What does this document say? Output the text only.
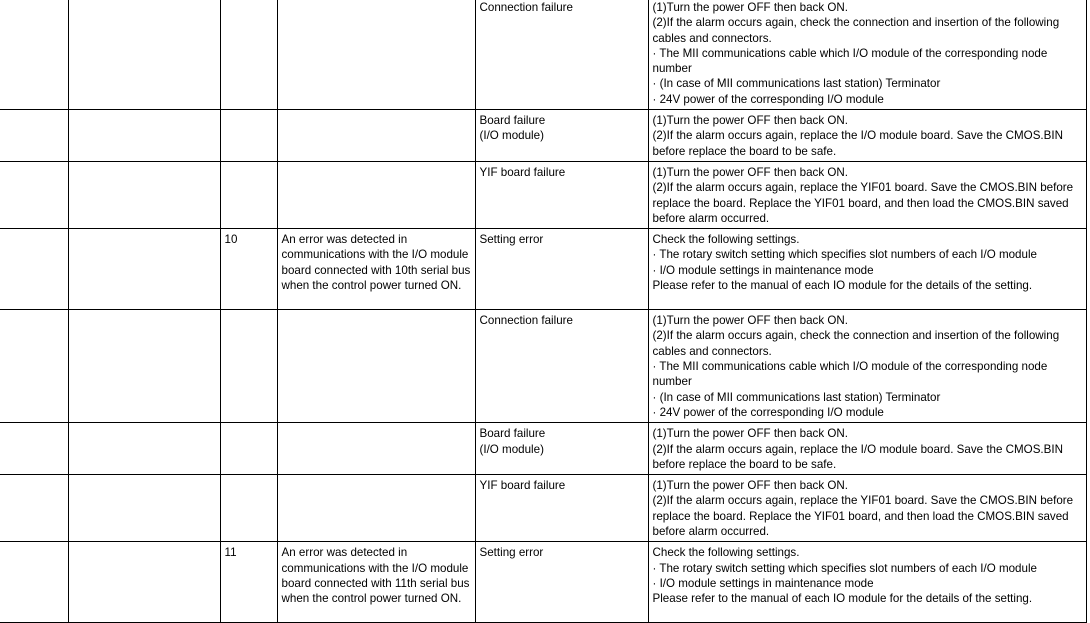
				Connection failure	(1)Turn the power OFF then back ON.
(2)If the alarm occurs again, check the connection and insertion of the following cables and connectors.
· The MII communications cable which I/O module of the corresponding node number
· (In case of MII communications last station) Terminator
· 24V power of the corresponding I/O module
				Board failure
(I/O module)	(1)Turn the power OFF then back ON.
(2)If the alarm occurs again, replace the I/O module board. Save the CMOS.BIN before replace the board to be safe.
				YIF board failure	(1)Turn the power OFF then back ON.
(2)If the alarm occurs again, replace the YIF01 board. Save the CMOS.BIN before replace the board. Replace the YIF01 board, and then load the CMOS.BIN saved before alarm occurred.
		10	An error was detected in communications with the I/O module board connected with 10th serial bus when the control power turned ON.	Setting error	Check the following settings.
· The rotary switch setting which specifies slot numbers of each I/O module
· I/O module settings in maintenance mode
Please refer to the manual of each IO module for the details of the setting.
				Connection failure	(1)Turn the power OFF then back ON.
(2)If the alarm occurs again, check the connection and insertion of the following cables and connectors.
· The MII communications cable which I/O module of the corresponding node number
· (In case of MII communications last station) Terminator
· 24V power of the corresponding I/O module
				Board failure
(I/O module)	(1)Turn the power OFF then back ON.
(2)If the alarm occurs again, replace the I/O module board. Save the CMOS.BIN before replace the board to be safe.
				YIF board failure	(1)Turn the power OFF then back ON.
(2)If the alarm occurs again, replace the YIF01 board. Save the CMOS.BIN before replace the board. Replace the YIF01 board, and then load the CMOS.BIN saved before alarm occurred.
		11	An error was detected in communications with the I/O module board connected with 11th serial bus when the control power turned ON.	Setting error	Check the following settings.
· The rotary switch setting which specifies slot numbers of each I/O module
· I/O module settings in maintenance mode
Please refer to the manual of each IO module for the details of the setting.
